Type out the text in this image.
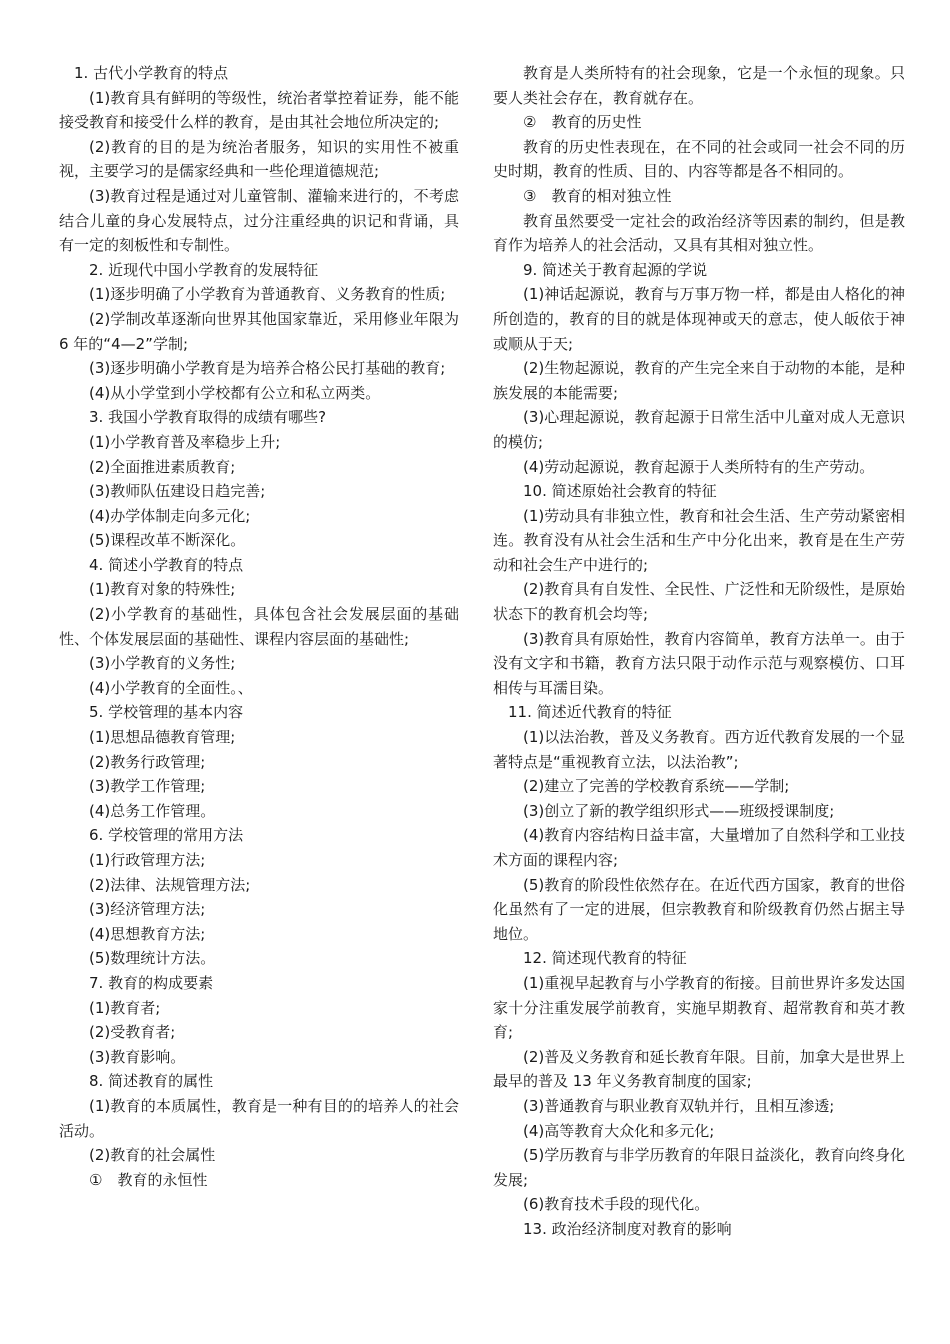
1. 古代小学教育的特点

(1)教育具有鲜明的等级性，统治者掌控着证券，能不能接受教育和接受什么样的教育，是由其社会地位所决定的;

(2)教育的目的是为统治者服务，知识的实用性不被重视，主要学习的是儒家经典和一些伦理道德规范;

(3)教育过程是通过对儿童管制、灌输来进行的，不考虑结合儿童的身心发展特点，过分注重经典的识记和背诵，具有一定的刻板性和专制性。

2. 近现代中国小学教育的发展特征

(1)逐步明确了小学教育为普通教育、义务教育的性质;

(2)学制改革逐渐向世界其他国家靠近，采用修业年限为 6 年的“4—2”学制;

(3)逐步明确小学教育是为培养合格公民打基础的教育;

(4)从小学堂到小学校都有公立和私立两类。

3. 我国小学教育取得的成绩有哪些?

(1)小学教育普及率稳步上升;

(2)全面推进素质教育;

(3)教师队伍建设日趋完善;

(4)办学体制走向多元化;

(5)课程改革不断深化。

4. 简述小学教育的特点

(1)教育对象的特殊性;

(2)小学教育的基础性，具体包含社会发展层面的基础性、个体发展层面的基础性、课程内容层面的基础性;

(3)小学教育的义务性;

(4)小学教育的全面性。、

5. 学校管理的基本内容

(1)思想品德教育管理;

(2)教务行政管理;

(3)教学工作管理;

(4)总务工作管理。

6. 学校管理的常用方法

(1)行政管理方法;

(2)法律、法规管理方法;

(3)经济管理方法;

(4)思想教育方法;

(5)数理统计方法。

7. 教育的构成要素

(1)教育者;

(2)受教育者;

(3)教育影响。

8. 简述教育的属性

(1)教育的本质属性，教育是一种有目的的培养人的社会活动。

(2)教育的社会属性

①　教育的永恒性

教育是人类所特有的社会现象，它是一个永恒的现象。只要人类社会存在，教育就存在。

②　教育的历史性

教育的历史性表现在，在不同的社会或同一社会不同的历史时期，教育的性质、目的、内容等都是各不相同的。

③　教育的相对独立性

教育虽然要受一定社会的政治经济等因素的制约，但是教育作为培养人的社会活动，又具有其相对独立性。

9. 简述关于教育起源的学说

(1)神话起源说，教育与万事万物一样，都是由人格化的神所创造的，教育的目的就是体现神或天的意志，使人皈依于神或顺从于天;

(2)生物起源说，教育的产生完全来自于动物的本能，是种族发展的本能需要;

(3)心理起源说，教育起源于日常生活中儿童对成人无意识的模仿;

(4)劳动起源说，教育起源于人类所特有的生产劳动。

10. 简述原始社会教育的特征

(1)劳动具有非独立性，教育和社会生活、生产劳动紧密相连。教育没有从社会生活和生产中分化出来，教育是在生产劳动和社会生产中进行的;

(2)教育具有自发性、全民性、广泛性和无阶级性，是原始状态下的教育机会均等;

(3)教育具有原始性，教育内容简单，教育方法单一。由于没有文字和书籍，教育方法只限于动作示范与观察模仿、口耳相传与耳濡目染。

11. 简述近代教育的特征

(1)以法治教，普及义务教育。西方近代教育发展的一个显著特点是“重视教育立法，以法治教”;

(2)建立了完善的学校教育系统——学制;

(3)创立了新的教学组织形式——班级授课制度;

(4)教育内容结构日益丰富，大量增加了自然科学和工业技术方面的课程内容;

(5)教育的阶段性依然存在。在近代西方国家，教育的世俗化虽然有了一定的进展，但宗教教育和阶级教育仍然占据主导地位。

12. 简述现代教育的特征

(1)重视早起教育与小学教育的衔接。目前世界许多发达国家十分注重发展学前教育，实施早期教育、超常教育和英才教育;

(2)普及义务教育和延长教育年限。目前，加拿大是世界上最早的普及 13 年义务教育制度的国家;

(3)普通教育与职业教育双轨并行，且相互渗透;

(4)高等教育大众化和多元化;

(5)学历教育与非学历教育的年限日益淡化，教育向终身化发展;

(6)教育技术手段的现代化。

13. 政治经济制度对教育的影响
